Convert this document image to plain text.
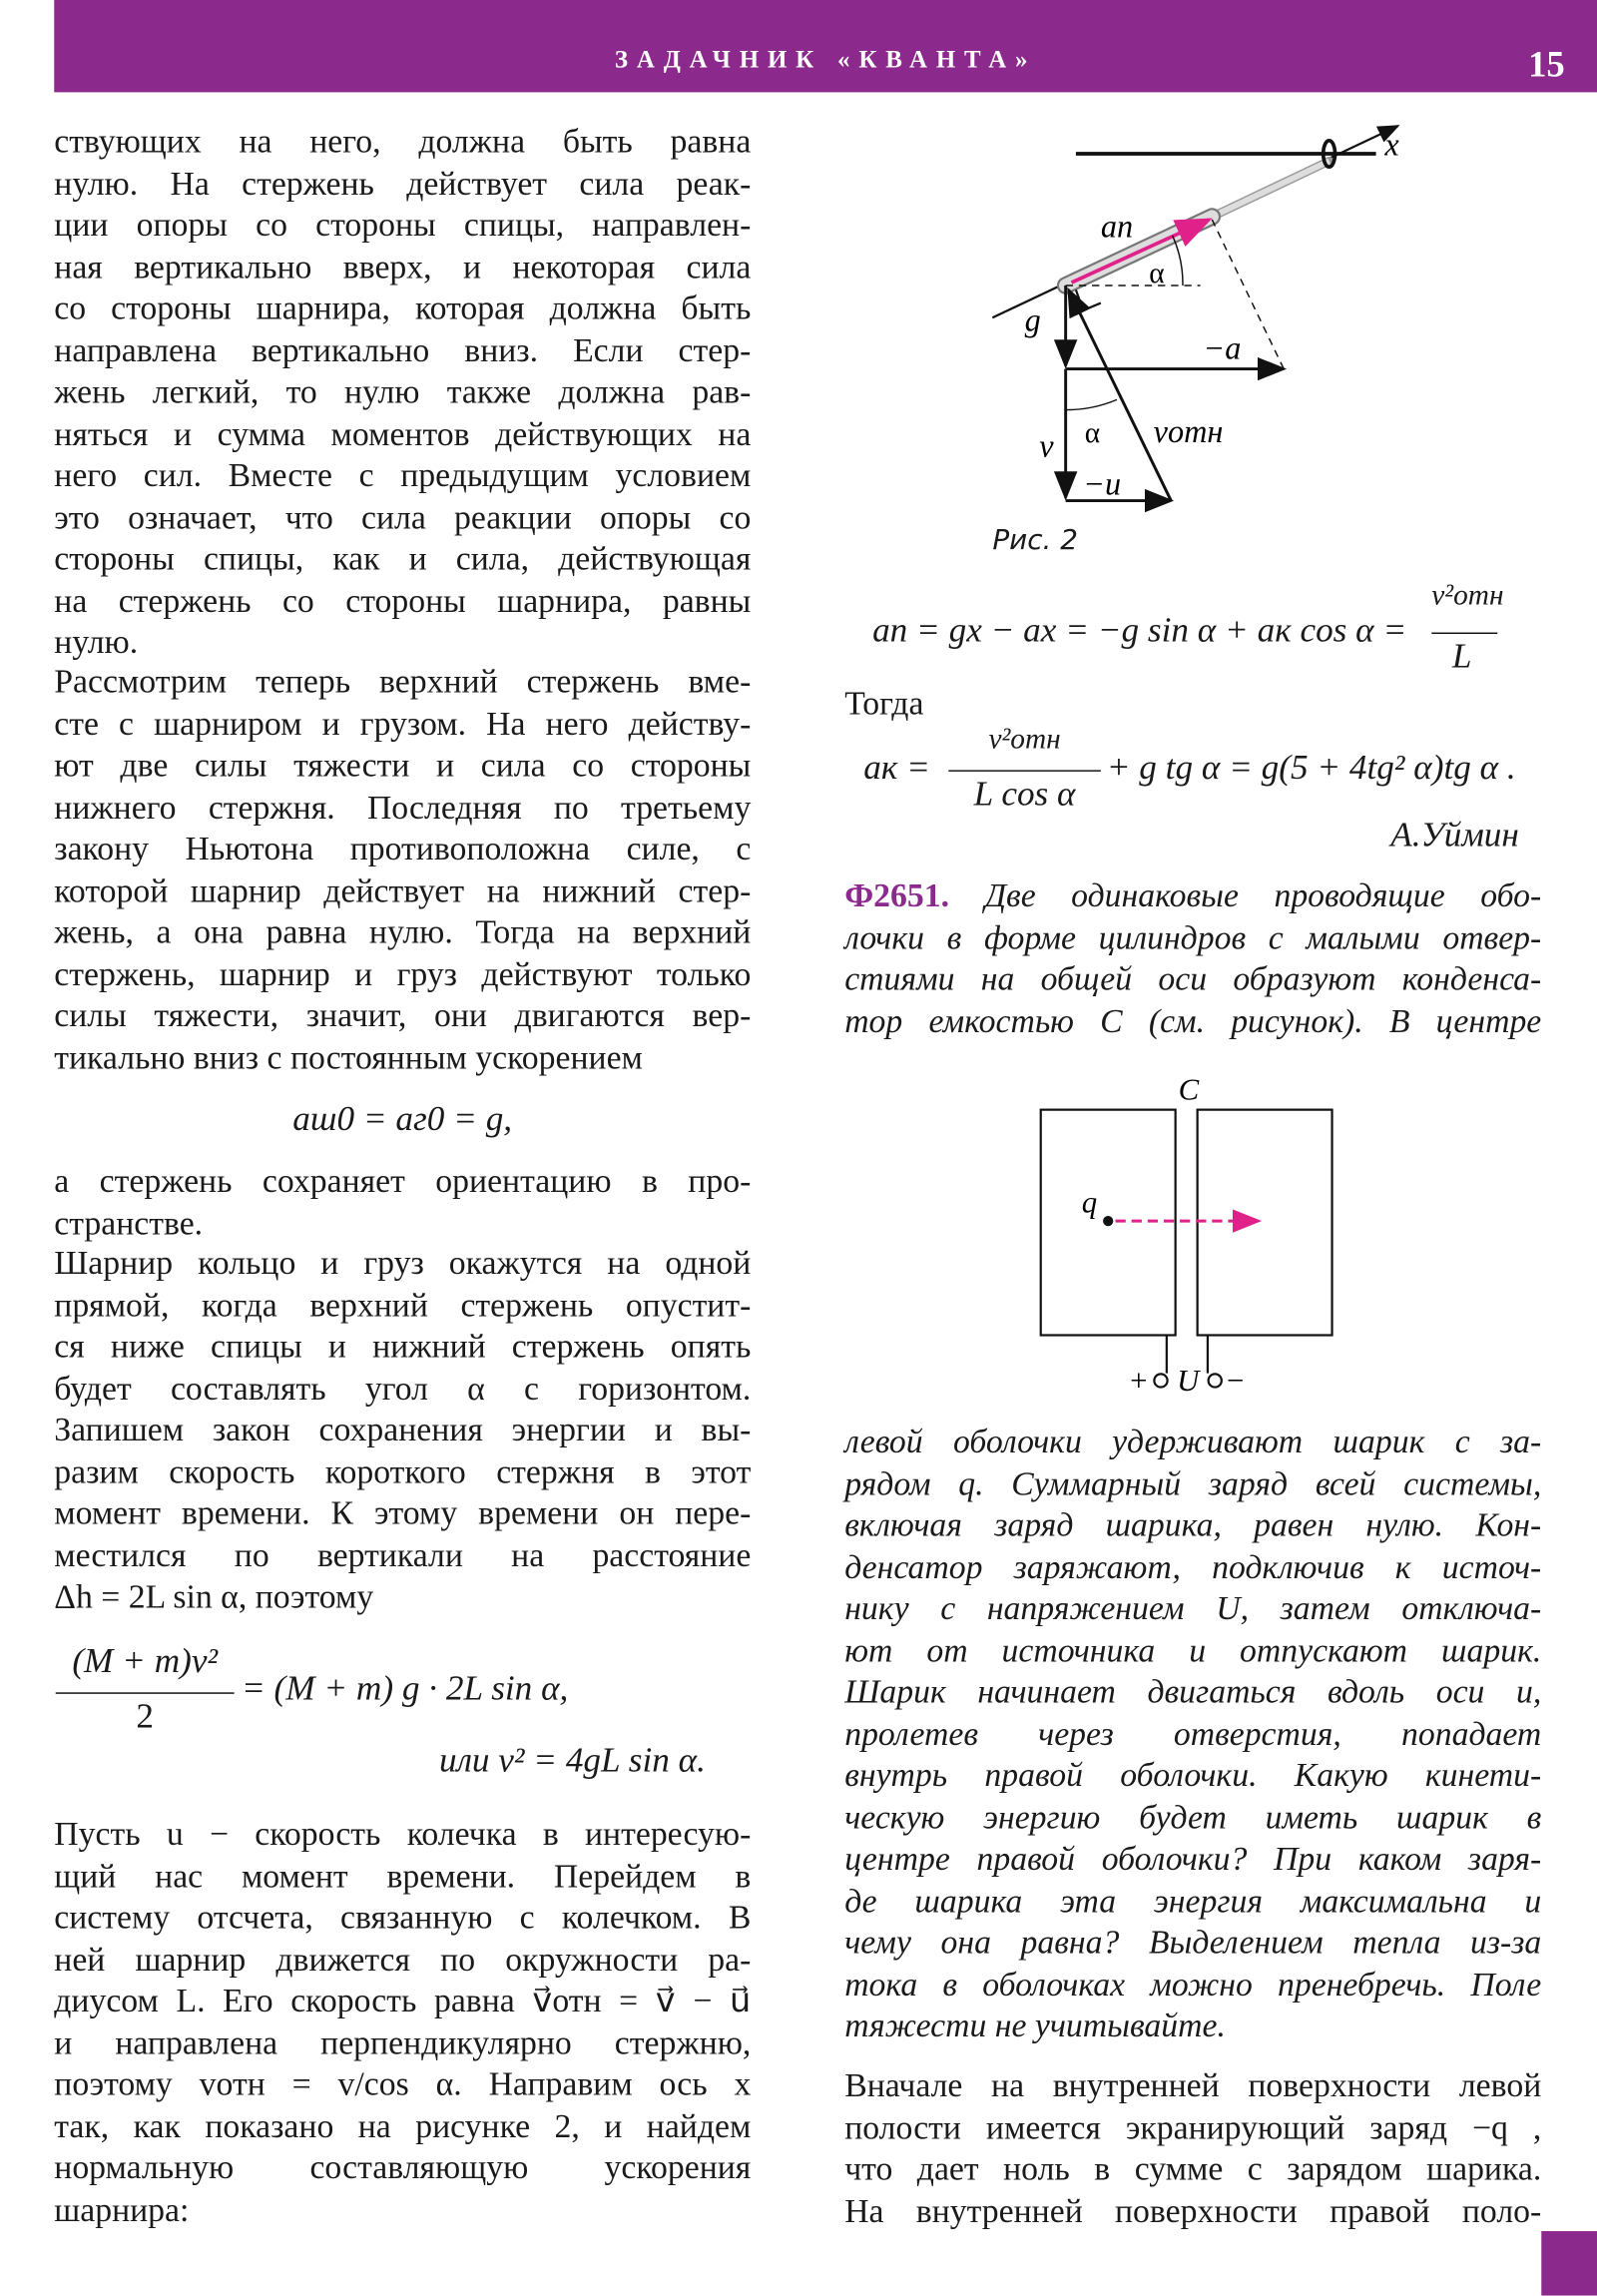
ЗАДАЧНИК «КВАНТА»	15
ствующих на него, должна быть равна
нулю. На стержень действует сила реак-
ции опоры со стороны спицы, направлен-
ная вертикально вверх, и некоторая сила
со стороны шарнира, которая должна быть
направлена вертикально вниз. Если стер-
жень легкий, то нулю также должна рав-
няться и сумма моментов действующих на
него сил. Вместе с предыдущим условием
это означает, что сила реакции опоры со
стороны спицы, как и сила, действующая
на стержень со стороны шарнира, равны
нулю.
Рассмотрим теперь верхний стержень вме-
сте с шарниром и грузом. На него действу-
ют две силы тяжести и сила со стороны
нижнего стержня. Последняя по третьему
закону Ньютона противоположна силе, с
которой шарнир действует на нижний стер-
жень, а она равна нулю. Тогда на верхний
стержень, шарнир и груз действуют только
силы тяжести, значит, они двигаются вер-
тикально вниз с постоянным ускорением
aш0 = aг0 = g,
а стержень сохраняет ориентацию в про-
странстве.
Шарнир кольцо и груз окажутся на одной
прямой, когда верхний стержень опустит-
ся ниже спицы и нижний стержень опять
будет составлять угол α с горизонтом.
Запишем закон сохранения энергии и вы-
разим скорость короткого стержня в этот
момент времени. К этому времени он пере-
местился по вертикали на расстояние
Δh = 2L sin α, поэтому
(M + m)v²
2
= (M + m) g · 2L sin α,
или v² = 4gL sin α.
Пусть u − скорость колечка в интересую-
щий нас момент времени. Перейдем в
систему отсчета, связанную с колечком. В
ней шарнир движется по окружности ра-
диусом L. Его скорость равна v⃗отн = v⃗ − u⃗
и направлена перпендикулярно стержню,
поэтому vотн = v/cos α. Направим ось x
так, как показано на рисунке 2, и найдем
нормальную составляющую ускорения
шарнира:
x
an
α
g
−a
α
v	vотн
−u
Рис. 2
an = gx − ax = −g sin α + aк cos α =
v²отн
L
Тогда
aк =
v²отн
L cos α
+ g tg α = g(5 + 4tg² α)tg α .
А.Уймин
Ф2651. Две одинаковые проводящие обо-
лочки в форме цилиндров с малыми отвер-
стиями на общей оси образуют конденса-
тор емкостью C (см. рисунок). В центре
C
q
+ U −
левой оболочки удерживают шарик с за-
рядом q. Суммарный заряд всей системы,
включая заряд шарика, равен нулю. Кон-
денсатор заряжают, подключив к источ-
нику с напряжением U, затем отключа-
ют от источника и отпускают шарик.
Шарик начинает двигаться вдоль оси и,
пролетев через отверстия, попадает
внутрь правой оболочки. Какую кинети-
ческую энергию будет иметь шарик в
центре правой оболочки? При каком заря-
де шарика эта энергия максимальна и
чему она равна? Выделением тепла из-за
тока в оболочках можно пренебречь. Поле
тяжести не учитывайте.
Вначале на внутренней поверхности левой
полости имеется экранирующий заряд −q ,
что дает ноль в сумме с зарядом шарика.
На внутренней поверхности правой поло-
